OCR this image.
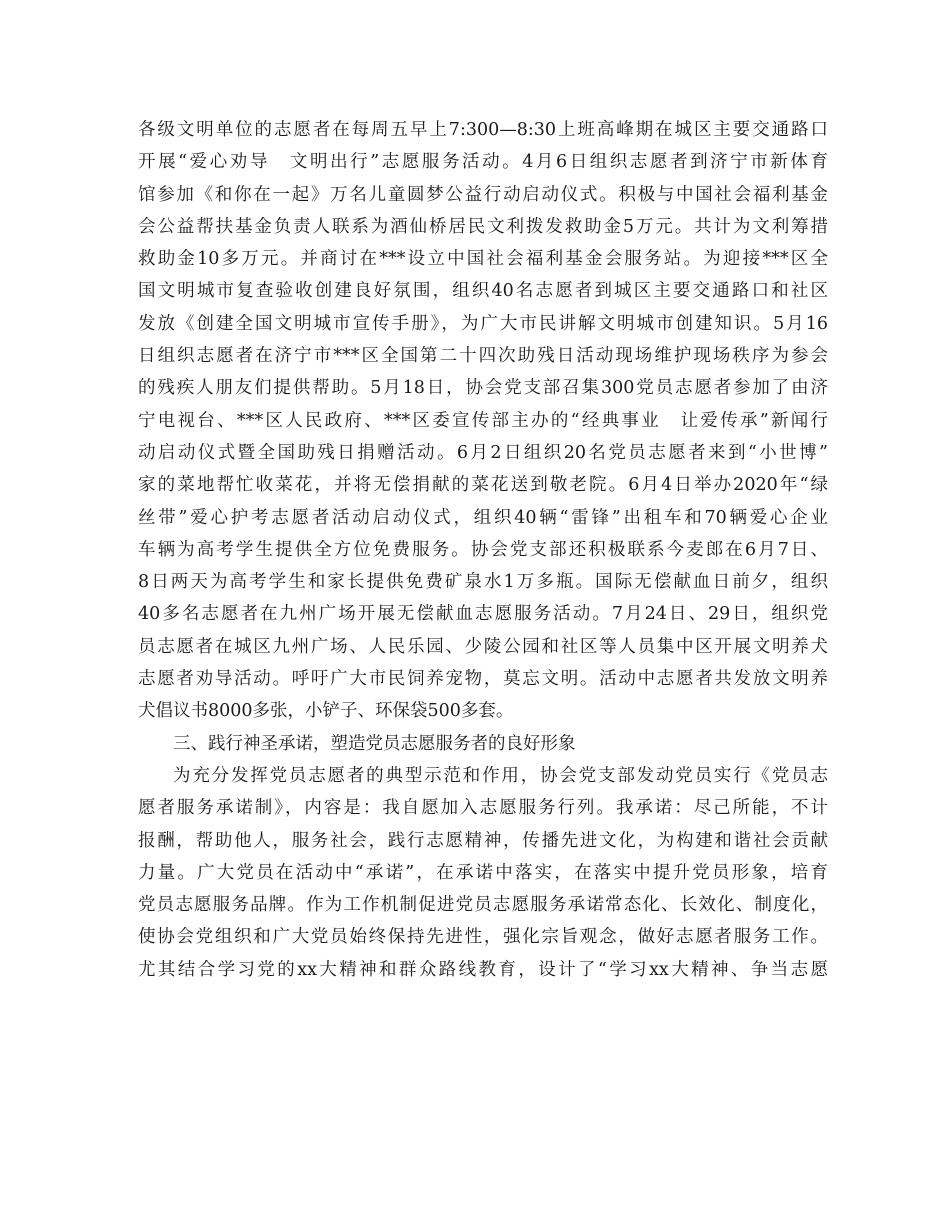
各级文明单位的志愿者在每周五早上7:300—8:30上班高峰期在城区主要交通路口
开展“爱心劝导　文明出行”志愿服务活动。4月6日组织志愿者到济宁市新体育
馆参加《和你在一起》万名儿童圆梦公益行动启动仪式。积极与中国社会福利基金
会公益帮扶基金负责人联系为酒仙桥居民文利拨发救助金5万元。共计为文利筹措
救助金10多万元。并商讨在***设立中国社会福利基金会服务站。为迎接***区全
国文明城市复查验收创建良好氛围，组织40名志愿者到城区主要交通路口和社区
发放《创建全国文明城市宣传手册》，为广大市民讲解文明城市创建知识。5月16
日组织志愿者在济宁市***区全国第二十四次助残日活动现场维护现场秩序为参会
的残疾人朋友们提供帮助。5月18日，协会党支部召集300党员志愿者参加了由济
宁电视台、***区人民政府、***区委宣传部主办的“经典事业　让爱传承”新闻行
动启动仪式暨全国助残日捐赠活动。6月2日组织20名党员志愿者来到“小世博”
家的菜地帮忙收菜花，并将无偿捐献的菜花送到敬老院。6月4日举办2020年“绿
丝带”爱心护考志愿者活动启动仪式，组织40辆“雷锋”出租车和70辆爱心企业
车辆为高考学生提供全方位免费服务。协会党支部还积极联系今麦郎在6月7日、
8日两天为高考学生和家长提供免费矿泉水1万多瓶。国际无偿献血日前夕，组织
40多名志愿者在九州广场开展无偿献血志愿服务活动。7月24日、29日，组织党
员志愿者在城区九州广场、人民乐园、少陵公园和社区等人员集中区开展文明养犬
志愿者劝导活动。呼吁广大市民饲养宠物，莫忘文明。活动中志愿者共发放文明养
犬倡议书8000多张，小铲子、环保袋500多套。
三、践行神圣承诺，塑造党员志愿服务者的良好形象
为充分发挥党员志愿者的典型示范和作用，协会党支部发动党员实行《党员志
愿者服务承诺制》，内容是：我自愿加入志愿服务行列。我承诺：尽己所能，不计
报酬，帮助他人，服务社会，践行志愿精神，传播先进文化，为构建和谐社会贡献
力量。广大党员在活动中“承诺”，在承诺中落实，在落实中提升党员形象，培育
党员志愿服务品牌。作为工作机制促进党员志愿服务承诺常态化、长效化、制度化，
使协会党组织和广大党员始终保持先进性，强化宗旨观念，做好志愿者服务工作。
尤其结合学习党的xx大精神和群众路线教育，设计了“学习xx大精神、争当志愿
